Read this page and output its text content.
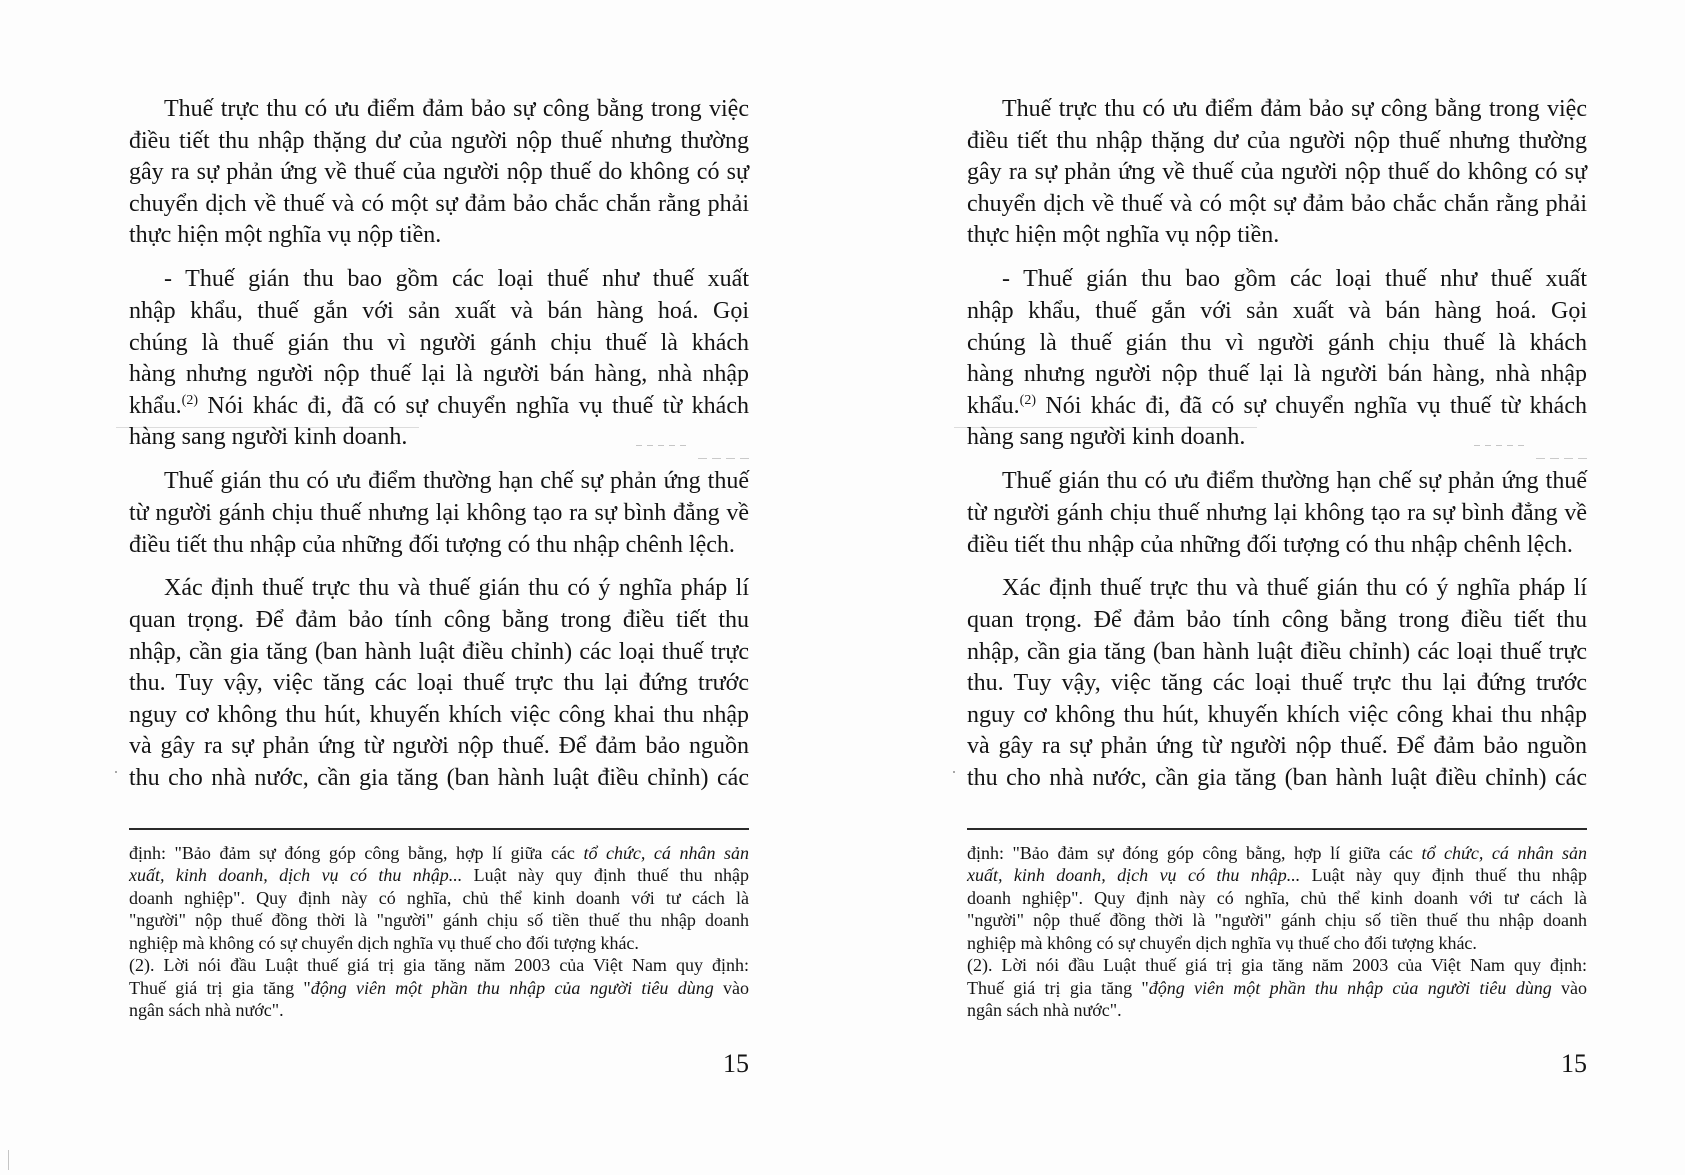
Thuế trực thu có ưu điểm đảm bảo sự công bằng trong việc
điều tiết thu nhập thặng dư của người nộp thuế nhưng thường
gây ra sự phản ứng về thuế của người nộp thuế do không có sự
chuyển dịch về thuế và có một sự đảm bảo chắc chắn rằng phải
thực hiện một nghĩa vụ nộp tiền.
- Thuế gián thu bao gồm các loại thuế như thuế xuất
nhập khẩu, thuế gắn với sản xuất và bán hàng hoá. Gọi
chúng là thuế gián thu vì người gánh chịu thuế là khách
hàng nhưng người nộp thuế lại là người bán hàng, nhà nhập
khẩu.$^{(2)}$ Nói khác đi, đã có sự chuyển nghĩa vụ thuế từ khách
hàng sang người kinh doanh.
Thuế gián thu có ưu điểm thường hạn chế sự phản ứng thuế
từ người gánh chịu thuế nhưng lại không tạo ra sự bình đẳng về
điều tiết thu nhập của những đối tượng có thu nhập chênh lệch.
Xác định thuế trực thu và thuế gián thu có ý nghĩa pháp lí
quan trọng. Để đảm bảo tính công bằng trong điều tiết thu
nhập, cần gia tăng (ban hành luật điều chỉnh) các loại thuế trực
thu. Tuy vậy, việc tăng các loại thuế trực thu lại đứng trước
nguy cơ không thu hút, khuyến khích việc công khai thu nhập
và gây ra sự phản ứng từ người nộp thuế. Để đảm bảo nguồn
thu cho nhà nước, cần gia tăng (ban hành luật điều chỉnh) các
định: "Bảo đảm sự đóng góp công bằng, hợp lí giữa các tổ chức, cá nhân sản
xuất, kinh doanh, dịch vụ có thu nhập... Luật này quy định thuế thu nhập
doanh nghiệp". Quy định này có nghĩa, chủ thể kinh doanh với tư cách là
"người" nộp thuế đồng thời là "người" gánh chịu số tiền thuế thu nhập doanh
nghiệp mà không có sự chuyển dịch nghĩa vụ thuế cho đối tượng khác.
(2). Lời nói đầu Luật thuế giá trị gia tăng năm 2003 của Việt Nam quy định:
Thuế giá trị gia tăng "động viên một phần thu nhập của người tiêu dùng vào
ngân sách nhà nước".
15
Thuế trực thu có ưu điểm đảm bảo sự công bằng trong việc
điều tiết thu nhập thặng dư của người nộp thuế nhưng thường
gây ra sự phản ứng về thuế của người nộp thuế do không có sự
chuyển dịch về thuế và có một sự đảm bảo chắc chắn rằng phải
thực hiện một nghĩa vụ nộp tiền.
- Thuế gián thu bao gồm các loại thuế như thuế xuất
nhập khẩu, thuế gắn với sản xuất và bán hàng hoá. Gọi
chúng là thuế gián thu vì người gánh chịu thuế là khách
hàng nhưng người nộp thuế lại là người bán hàng, nhà nhập
khẩu.$^{(2)}$ Nói khác đi, đã có sự chuyển nghĩa vụ thuế từ khách
hàng sang người kinh doanh.
Thuế gián thu có ưu điểm thường hạn chế sự phản ứng thuế
từ người gánh chịu thuế nhưng lại không tạo ra sự bình đẳng về
điều tiết thu nhập của những đối tượng có thu nhập chênh lệch.
Xác định thuế trực thu và thuế gián thu có ý nghĩa pháp lí
quan trọng. Để đảm bảo tính công bằng trong điều tiết thu
nhập, cần gia tăng (ban hành luật điều chỉnh) các loại thuế trực
thu. Tuy vậy, việc tăng các loại thuế trực thu lại đứng trước
nguy cơ không thu hút, khuyến khích việc công khai thu nhập
và gây ra sự phản ứng từ người nộp thuế. Để đảm bảo nguồn
thu cho nhà nước, cần gia tăng (ban hành luật điều chỉnh) các
định: "Bảo đảm sự đóng góp công bằng, hợp lí giữa các tổ chức, cá nhân sản
xuất, kinh doanh, dịch vụ có thu nhập... Luật này quy định thuế thu nhập
doanh nghiệp". Quy định này có nghĩa, chủ thể kinh doanh với tư cách là
"người" nộp thuế đồng thời là "người" gánh chịu số tiền thuế thu nhập doanh
nghiệp mà không có sự chuyển dịch nghĩa vụ thuế cho đối tượng khác.
(2). Lời nói đầu Luật thuế giá trị gia tăng năm 2003 của Việt Nam quy định:
Thuế giá trị gia tăng "động viên một phần thu nhập của người tiêu dùng vào
ngân sách nhà nước".
15
